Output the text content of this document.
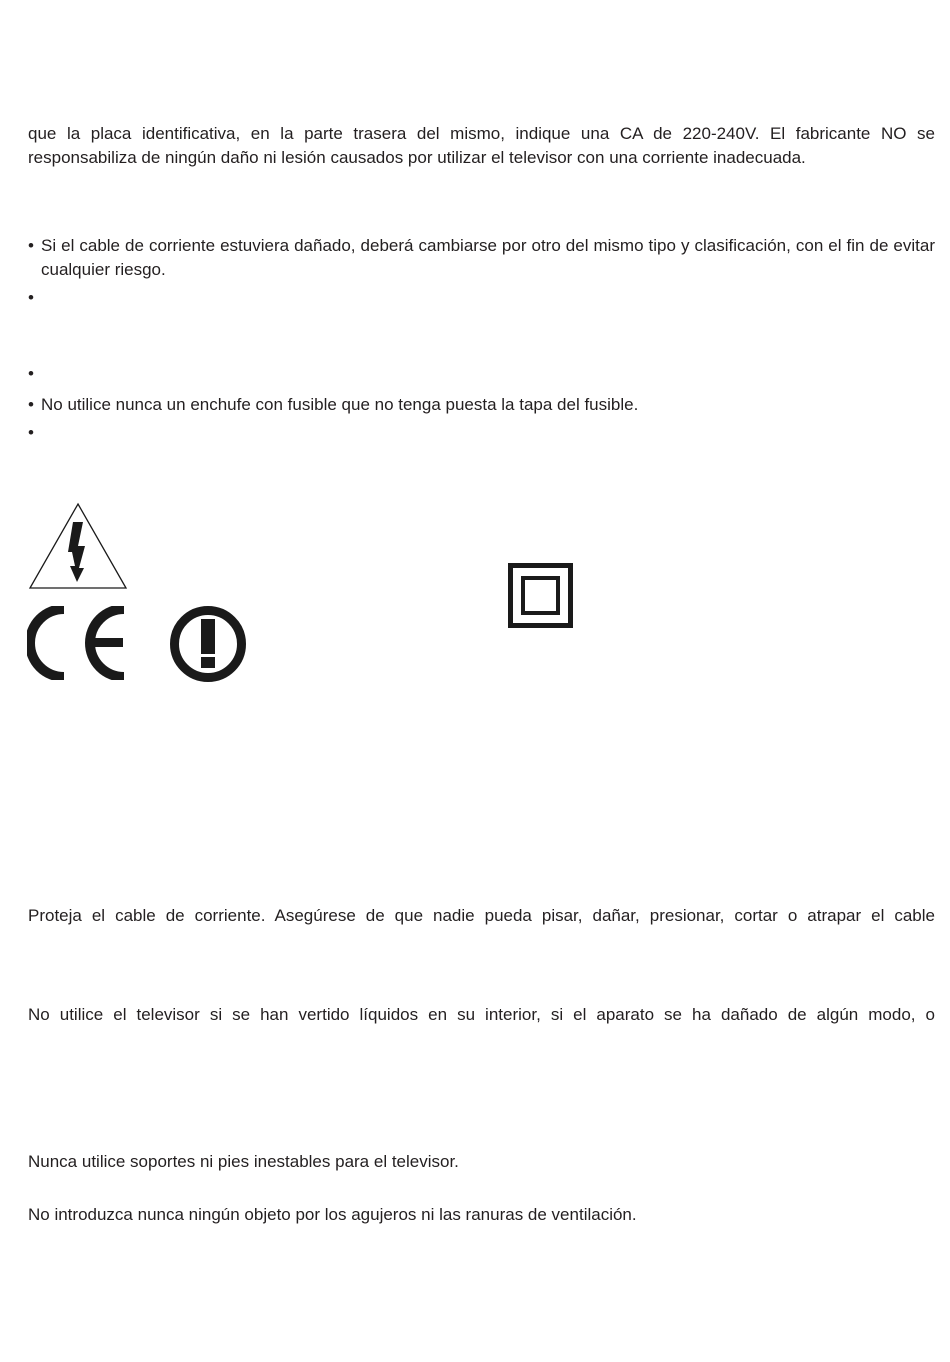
que la placa identificativa, en la parte trasera del mismo, indique una CA de 220-240V. El fabricante NO se responsabiliza de ningún daño ni lesión causados por utilizar el televisor con una corriente inadecuada.

• Si el cable de corriente estuviera dañado, deberá cambiarse por otro del mismo tipo y clasificación, con el fin de evitar cualquier riesgo.
•
•
• No utilice nunca un enchufe con fusible que no tenga puesta la tapa del fusible.
•

Proteja el cable de corriente. Asegúrese de que nadie pueda pisar, dañar, presionar, cortar o atrapar el cable

No utilice el televisor si se han vertido líquidos en su interior, si el aparato se ha dañado de algún modo, o

Nunca utilice soportes ni pies inestables para el televisor.

No introduzca nunca ningún objeto por los agujeros ni las ranuras de ventilación.
